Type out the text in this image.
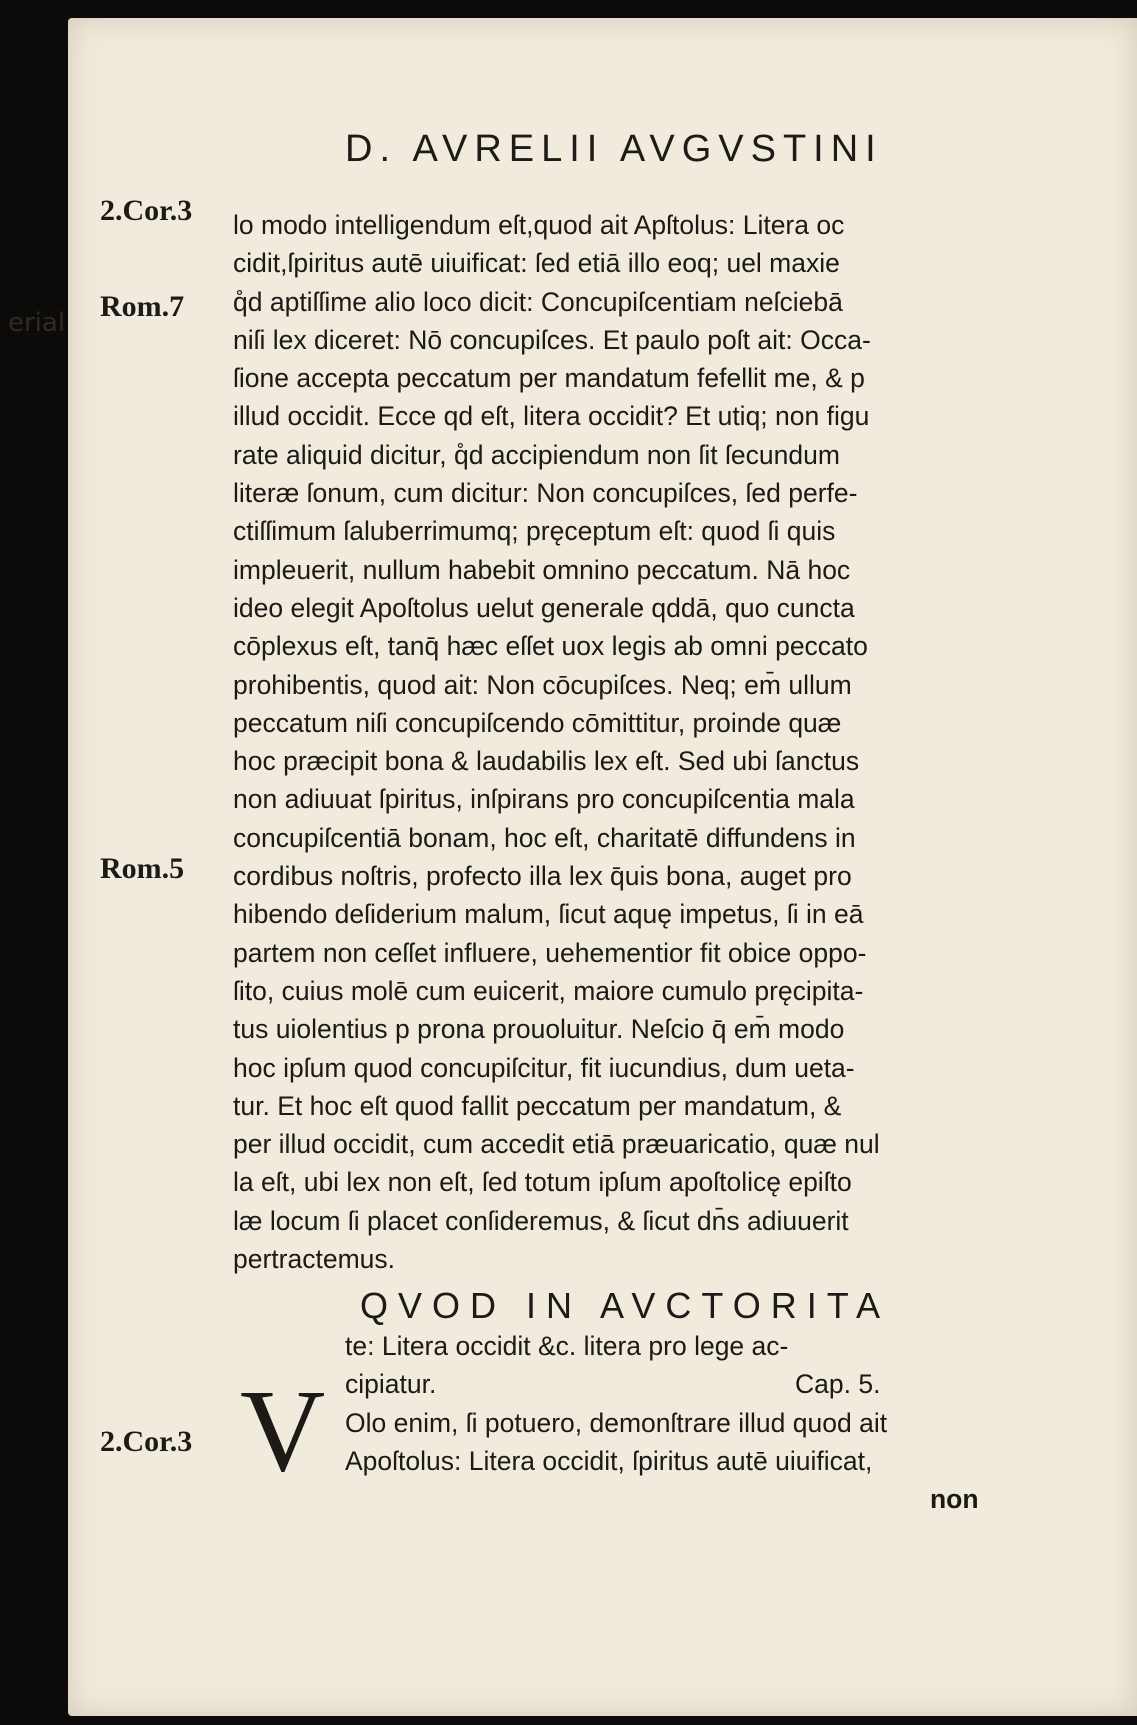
erial
D. AVRELII AVGVSTINI
2.Cor.3
Rom.7
Rom.5
2.Cor.3
lo modo intelligendum eſt,quod ait Apſtolus: Litera oc
cidit,ſpiritus autē uiuificat: ſed etiā illo eoq; uel maxie
q̊d aptiſſime alio loco dicit: Concupiſcentiam neſciebā
niſi lex diceret: Nō concupiſces. Et paulo poſt ait: Occa-
ſione accepta peccatum per mandatum fefellit me, & p
illud occidit. Ecce qd eſt, litera occidit? Et utiq; non figu
rate aliquid dicitur, q̊d accipiendum non ſit ſecundum
literæ ſonum, cum dicitur: Non concupiſces, ſed perfe-
ctiſſimum ſaluberrimumq; pręceptum eſt: quod ſi quis
impleuerit, nullum habebit omnino peccatum. Nā hoc
ideo elegit Apoſtolus uelut generale qddā, quo cuncta
cōplexus eſt, tanq̄ hæc eſſet uox legis ab omni peccato
prohibentis, quod ait: Non cōcupiſces. Neq; em̄ ullum
peccatum niſi concupiſcendo cōmittitur, proinde quæ
hoc præcipit bona & laudabilis lex eſt. Sed ubi ſanctus
non adiuuat ſpiritus, inſpirans pro concupiſcentia mala
concupiſcentiā bonam, hoc eſt, charitatē diffundens in
cordibus noſtris, profecto illa lex q̄uis bona, auget pro
hibendo deſiderium malum, ſicut aquę impetus, ſi in eā
partem non ceſſet influere, uehementior fit obice oppo-
ſito, cuius molē cum euicerit, maiore cumulo pręcipita-
tus uiolentius p prona prouoluitur. Neſcio q̄ em̄ modo
hoc ipſum quod concupiſcitur, fit iucundius, dum ueta-
tur. Et hoc eſt quod fallit peccatum per mandatum, &
per illud occidit, cum accedit etiā præuaricatio, quæ nul
la eſt, ubi lex non eſt, ſed totum ipſum apoſtolicę epiſto
læ locum ſi placet conſideremus, & ſicut dn̄s adiuuerit
pertractemus.
QVOD IN AVCTORITA
te: Litera occidit &c. litera pro lege ac-
cipiatur.	Cap. 5.
V Olo enim, ſi potuero, demonſtrare illud quod ait
Apoſtolus: Litera occidit, ſpiritus autē uiuificat,
non
